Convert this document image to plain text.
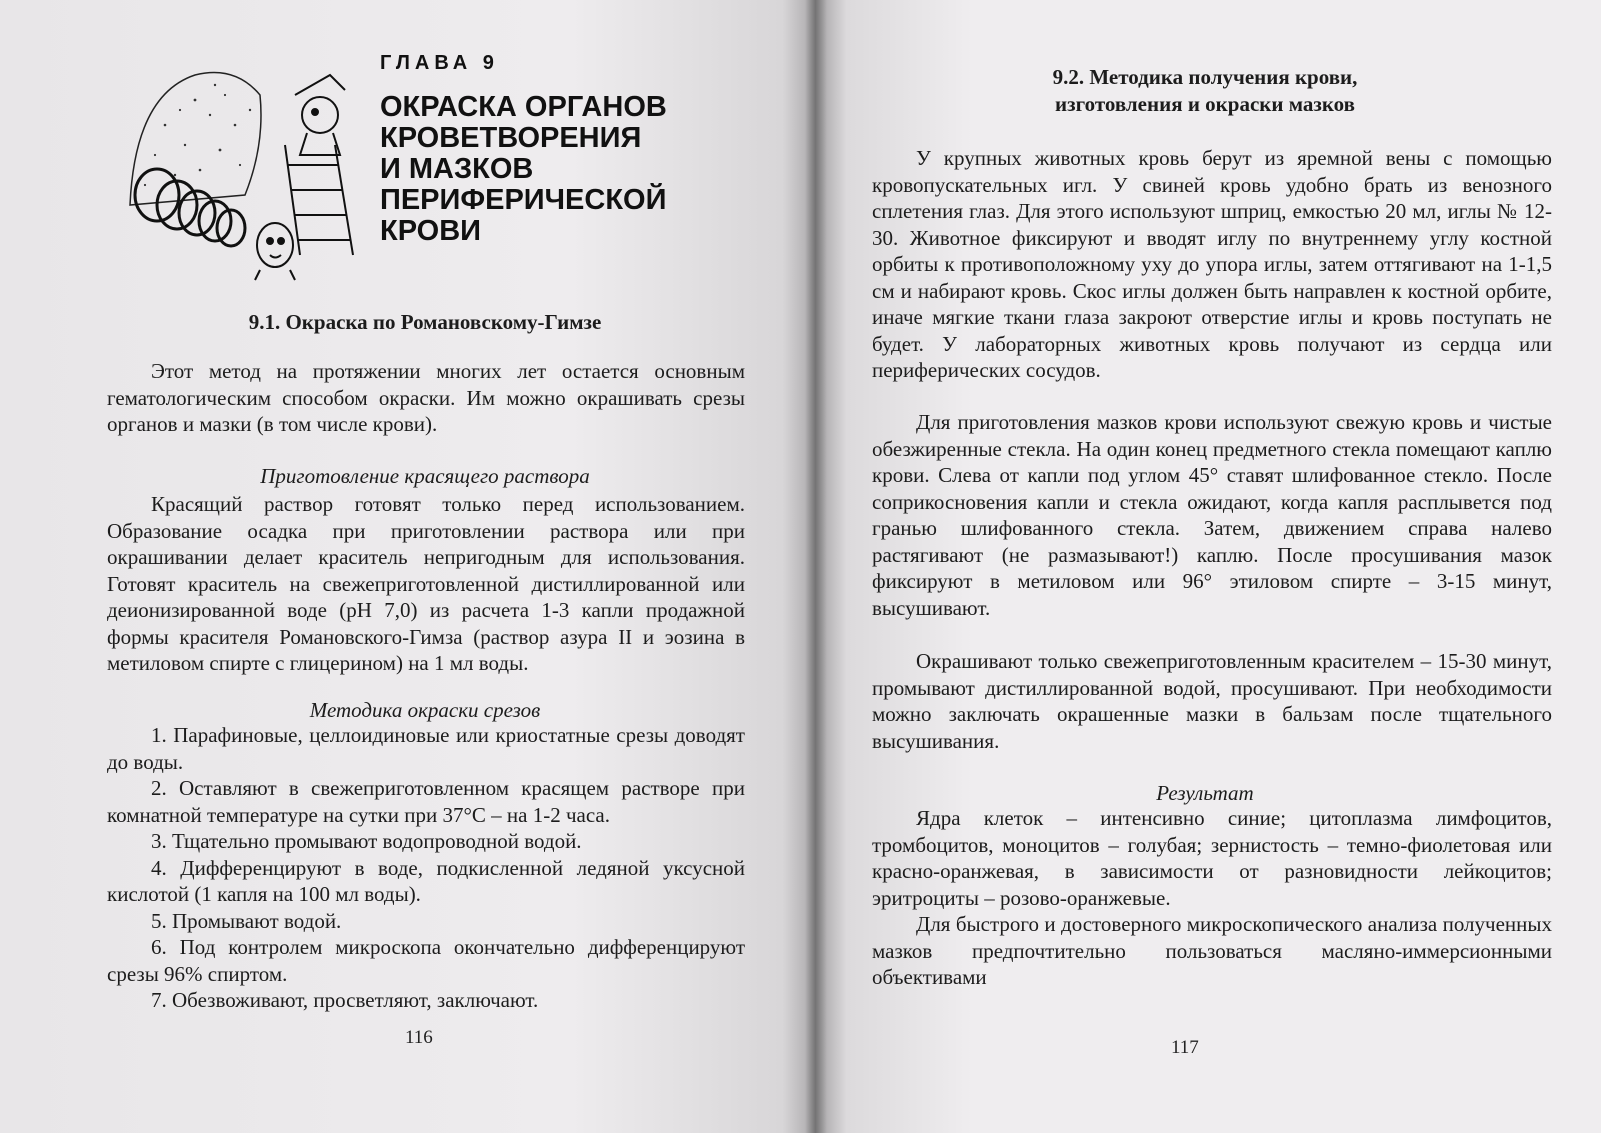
ГЛАВА 9
ОКРАСКА ОРГАНОВ
КРОВЕТВОРЕНИЯ
И МАЗКОВ
ПЕРИФЕРИЧЕСКОЙ
КРОВИ
9.1. Окраска по Романовскому-Гимзе
Этот метод на протяжении многих лет остается основным гематологическим способом окраски. Им можно окрашивать срезы органов и мазки (в том числе крови).
Приготовление красящего раствора
Красящий раствор готовят только перед использованием. Образование осадка при приготовлении раствора или при окрашивании делает краситель непригодным для использования. Готовят краситель на свежеприготовленной дистиллированной или деионизированной воде (рН 7,0) из расчета 1-3 капли продажной формы красителя Романовского-Гимза (раствор азура II и эозина в метиловом спирте с глицерином) на 1 мл воды.
Методика окраски срезов
1. Парафиновые, целлоидиновые или криостатные срезы доводят до воды.
2. Оставляют в свежеприготовленном красящем растворе при комнатной температуре на сутки при 37°С – на 1-2 часа.
3. Тщательно промывают водопроводной водой.
4. Дифференцируют в воде, подкисленной ледяной уксусной кислотой (1 капля на 100 мл воды).
5. Промывают водой.
6. Под контролем микроскопа окончательно дифференцируют срезы 96% спиртом.
7. Обезвоживают, просветляют, заключают.
116
9.2. Методика получения крови,
изготовления и окраски мазков
У крупных животных кровь берут из яремной вены с помощью кровопускательных игл. У свиней кровь удобно брать из венозного сплетения глаз. Для этого используют шприц, емкостью 20 мл, иглы № 12-30. Животное фиксируют и вводят иглу по внутреннему углу костной орбиты к противоположному уху до упора иглы, затем оттягивают на 1-1,5 см и набирают кровь. Скос иглы должен быть направлен к костной орбите, иначе мягкие ткани глаза закроют отверстие иглы и кровь поступать не будет. У лабораторных животных кровь получают из сердца или периферических сосудов.
Для приготовления мазков крови используют свежую кровь и чистые обезжиренные стекла. На один конец предметного стекла помещают каплю крови. Слева от капли под углом 45° ставят шлифованное стекло. После соприкосновения капли и стекла ожидают, когда капля расплывется под гранью шлифованного стекла. Затем, движением справа налево растягивают (не размазывают!) каплю. После просушивания мазок фиксируют в метиловом или 96° этиловом спирте – 3-15 минут, высушивают.
Окрашивают только свежеприготовленным красителем – 15-30 минут, промывают дистиллированной водой, просушивают. При необходимости можно заключать окрашенные мазки в бальзам после тщательного высушивания.
Результат
Ядра клеток – интенсивно синие; цитоплазма лимфоцитов, тромбоцитов, моноцитов – голубая; зернистость – темно-фиолетовая или красно-оранжевая, в зависимости от разновидности лейкоцитов; эритроциты – розово-оранжевые.
Для быстрого и достоверного микроскопического анализа полученных мазков предпочтительно пользоваться масляно-иммерсионными объективами
117
